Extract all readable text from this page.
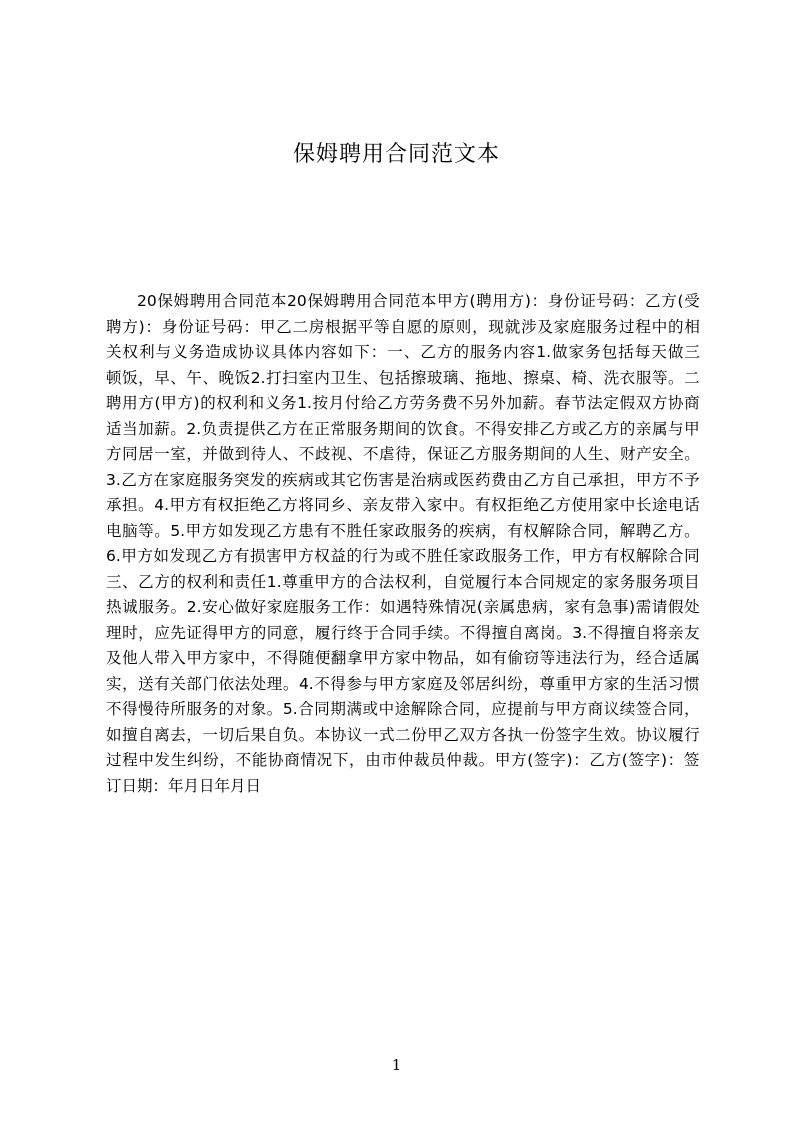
保姆聘用合同范文本
20 保 姆 聘 用 合 同 范 本 20 保 姆 聘 用 合 同 范 本 甲 方 ( 聘 用 方 ) ： 身 份 证 号 码 ： 乙 方 ( 受
聘 方 ) ： 身 份 证 号 码 ： 甲 乙 二 房 根 据 平 等 自 愿 的 原 则 ， 现 就 涉 及 家 庭 服 务 过 程 中 的 相
关 权 利 与 义 务 造 成 协 议 具 体 内 容 如 下 ： 一 、 乙 方 的 服 务 内 容 1. 做 家 务 包 括 每 天 做 三
顿 饭 ， 早 、 午 、 晚 饭 2. 打 扫 室 内 卫 生 、 包 括 擦 玻 璃 、 拖 地 、 擦 桌 、 椅 、 洗 衣 服 等 。 二
聘 用 方 ( 甲 方 ) 的 权 利 和 义 务 1. 按 月 付 给 乙 方 劳 务 费 不 另 外 加 薪 。 春 节 法 定 假 双 方 协 商
适 当 加 薪 。 2. 负 责 提 供 乙 方 在 正 常 服 务 期 间 的 饮 食 。 不 得 安 排 乙 方 或 乙 方 的 亲 属 与 甲
方 同 居 一 室 ， 并 做 到 待 人 、 不 歧 视 、 不 虐 待 ， 保 证 乙 方 服 务 期 间 的 人 生 、 财 产 安 全 。
3. 乙 方 在 家 庭 服 务 突 发 的 疾 病 或 其 它 伤 害 是 治 病 或 医 药 费 由 乙 方 自 己 承 担 ， 甲 方 不 予
承 担 。 4. 甲 方 有 权 拒 绝 乙 方 将 同 乡 、 亲 友 带 入 家 中 。 有 权 拒 绝 乙 方 使 用 家 中 长 途 电 话
电 脑 等 。 5. 甲 方 如 发 现 乙 方 患 有 不 胜 任 家 政 服 务 的 疾 病 ， 有 权 解 除 合 同 ， 解 聘 乙 方 。
6. 甲 方 如 发 现 乙 方 有 损 害 甲 方 权 益 的 行 为 或 不 胜 任 家 政 服 务 工 作 ， 甲 方 有 权 解 除 合 同
三 、 乙 方 的 权 利 和 责 任 1. 尊 重 甲 方 的 合 法 权 利 ， 自 觉 履 行 本 合 同 规 定 的 家 务 服 务 项 目
热 诚 服 务 。 2. 安 心 做 好 家 庭 服 务 工 作 ： 如 遇 特 殊 情 况 ( 亲 属 患 病 ， 家 有 急 事 ) 需 请 假 处
理 时 ， 应 先 证 得 甲 方 的 同 意 ， 履 行 终 于 合 同 手 续 。 不 得 擅 自 离 岗 。 3. 不 得 擅 自 将 亲 友
及 他 人 带 入 甲 方 家 中 ， 不 得 随 便 翻 拿 甲 方 家 中 物 品 ， 如 有 偷 窃 等 违 法 行 为 ， 经 合 适 属
实 ， 送 有 关 部 门 依 法 处 理 。 4. 不 得 参 与 甲 方 家 庭 及 邻 居 纠 纷 ， 尊 重 甲 方 家 的 生 活 习 惯
不 得 慢 待 所 服 务 的 对 象 。 5. 合 同 期 满 或 中 途 解 除 合 同 ， 应 提 前 与 甲 方 商 议 续 签 合 同 ，
如 擅 自 离 去 ， 一 切 后 果 自 负 。 本 协 议 一 式 二 份 甲 乙 双 方 各 执 一 份 签 字 生 效 。 协 议 履 行
过 程 中 发 生 纠 纷 ， 不 能 协 商 情 况 下 ， 由 市 仲 裁 员 仲 裁 。 甲 方 ( 签 字 ) ： 乙 方 ( 签 字 ) ： 签
订日期：年月日年月日
1
